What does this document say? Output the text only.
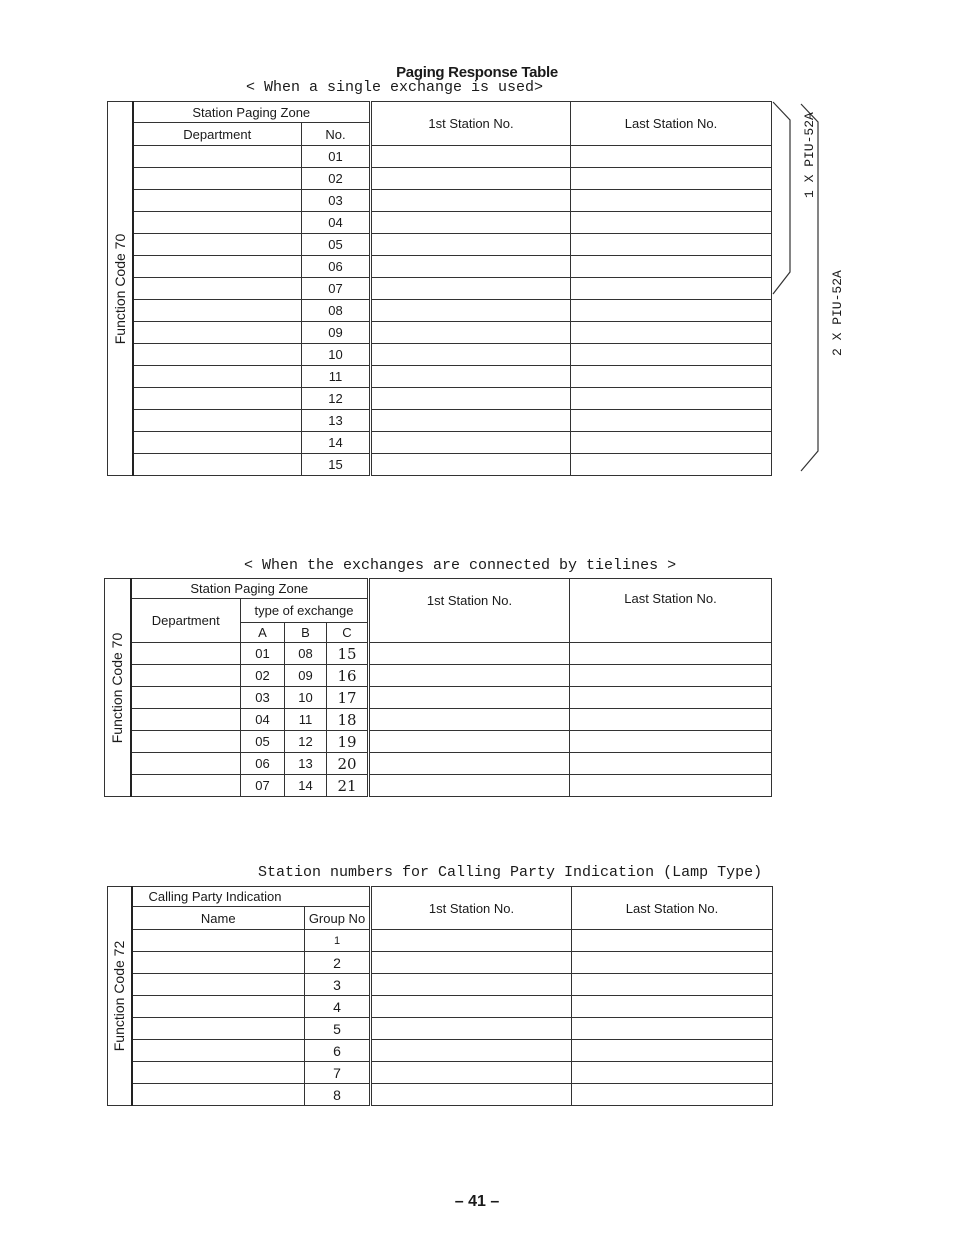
Paging Response Table
< When a single exchange is used>
Function Code 70	Station Paging Zone		1st Station No.	Last Station No.
	Department	No.		
		01		
		02		
		03		
		04		
		05		
		06		
		07		
		08		
		09		
		10		
		11		
		12		
		13		
		14		
		15		
1 X PIU-52A
2 X PIU-52A
< When the exchanges are connected by tielines >
Function Code 70	Station Paging Zone				1st Station No.	Last Station No.
	Department	type of exchange				
		A	B	C		
		01	08	15		
		02	09	16		
		03	10	17		
		04	11	18		
		05	12	19		
		06	13	20		
		07	14	21		
Station numbers for Calling Party Indication (Lamp Type)
Function Code 72	Calling Party Indication		1st Station No.	Last Station No.
	Name	Group No		
		1		
		2		
		3		
		4		
		5		
		6		
		7		
		8		
– 41 –
